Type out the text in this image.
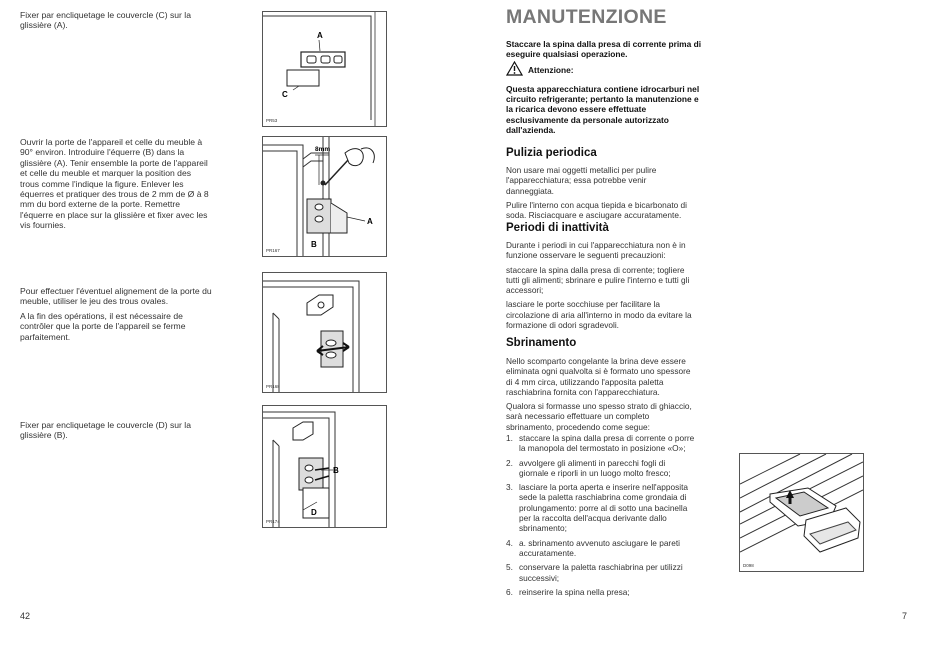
Fixer par encliquetage le couvercle (C) sur la glissière (A).

Ouvrir la porte de l'appareil et celle du meuble à 90° environ. Introduire l'équerre (B) dans la glissière (A). Tenir ensemble la porte de l'appareil et celle du meuble et marquer la position des trous comme l'indique la figure. Enlever les équerres et pratiquer des trous de 2 mm de Ø à 8 mm du bord externe de la porte. Remettre l'équerre en place sur la glissière et fixer avec les vis fournies.

Pour effectuer l'éventuel alignement de la porte du meuble, utiliser le jeu des trous ovales.

A la fin des opérations, il est nécessaire de contrôler que la porte de l'appareil se ferme parfaitement.

Fixer par encliquetage le couvercle (D) sur la glissière (B).

A
C
PR53
8mm
A
B
PR167
PR168
B
D
PR174
42
MANUTENZIONE
Staccare la spina dalla presa di corrente prima di eseguire qualsiasi operazione.
Attenzione:
Questa apparecchiatura contiene idrocarburi nel circuito refrigerante; pertanto la manutenzione e la ricarica devono essere effettuate esclusivamente da personale autorizzato dall'azienda.
Pulizia periodica

Non usare mai oggetti metallici per pulire l'apparecchiatura; essa potrebbe venir danneggiata.

Pulire l'interno con acqua tiepida e bicarbonato di soda. Risciacquare e asciugare accuratamente.

Periodi di inattività

Durante i periodi in cui l'apparecchiatura non è in funzione osservare le seguenti precauzioni:

staccare la spina dalla presa di corrente; togliere tutti gli alimenti; sbrinare e pulire l'interno e tutti gli accessori;

lasciare le porte socchiuse per facilitare la circolazione di aria all'interno in modo da evitare la formazione di odori sgradevoli.

Sbrinamento

Nello scomparto congelante la brina deve essere eliminata ogni qualvolta si è formato uno spessore di 4 mm circa, utilizzando l'apposita paletta raschiabrina fornita con l'apparecchiatura.

Qualora si formasse uno spesso strato di ghiaccio, sarà necessario effettuare un completo sbrinamento, procedendo come segue:

1. staccare la spina dalla presa di corrente o porre la manopola del termostato in posizione «O»;
2. avvolgere gli alimenti in parecchi fogli di giornale e riporli in un luogo molto fresco;
3. lasciare la porta aperta e inserire nell'apposita sede la paletta raschiabrina come grondaia di prolungamento: porre al di sotto una bacinella per la raccolta dell'acqua derivante dallo sbrinamento;
4. a. sbrinamento avvenuto asciugare le pareti accuratamente.
5. conservare la paletta raschiabrina per utilizzi successivi;
6. reinserire la spina nella presa;
D098
7
